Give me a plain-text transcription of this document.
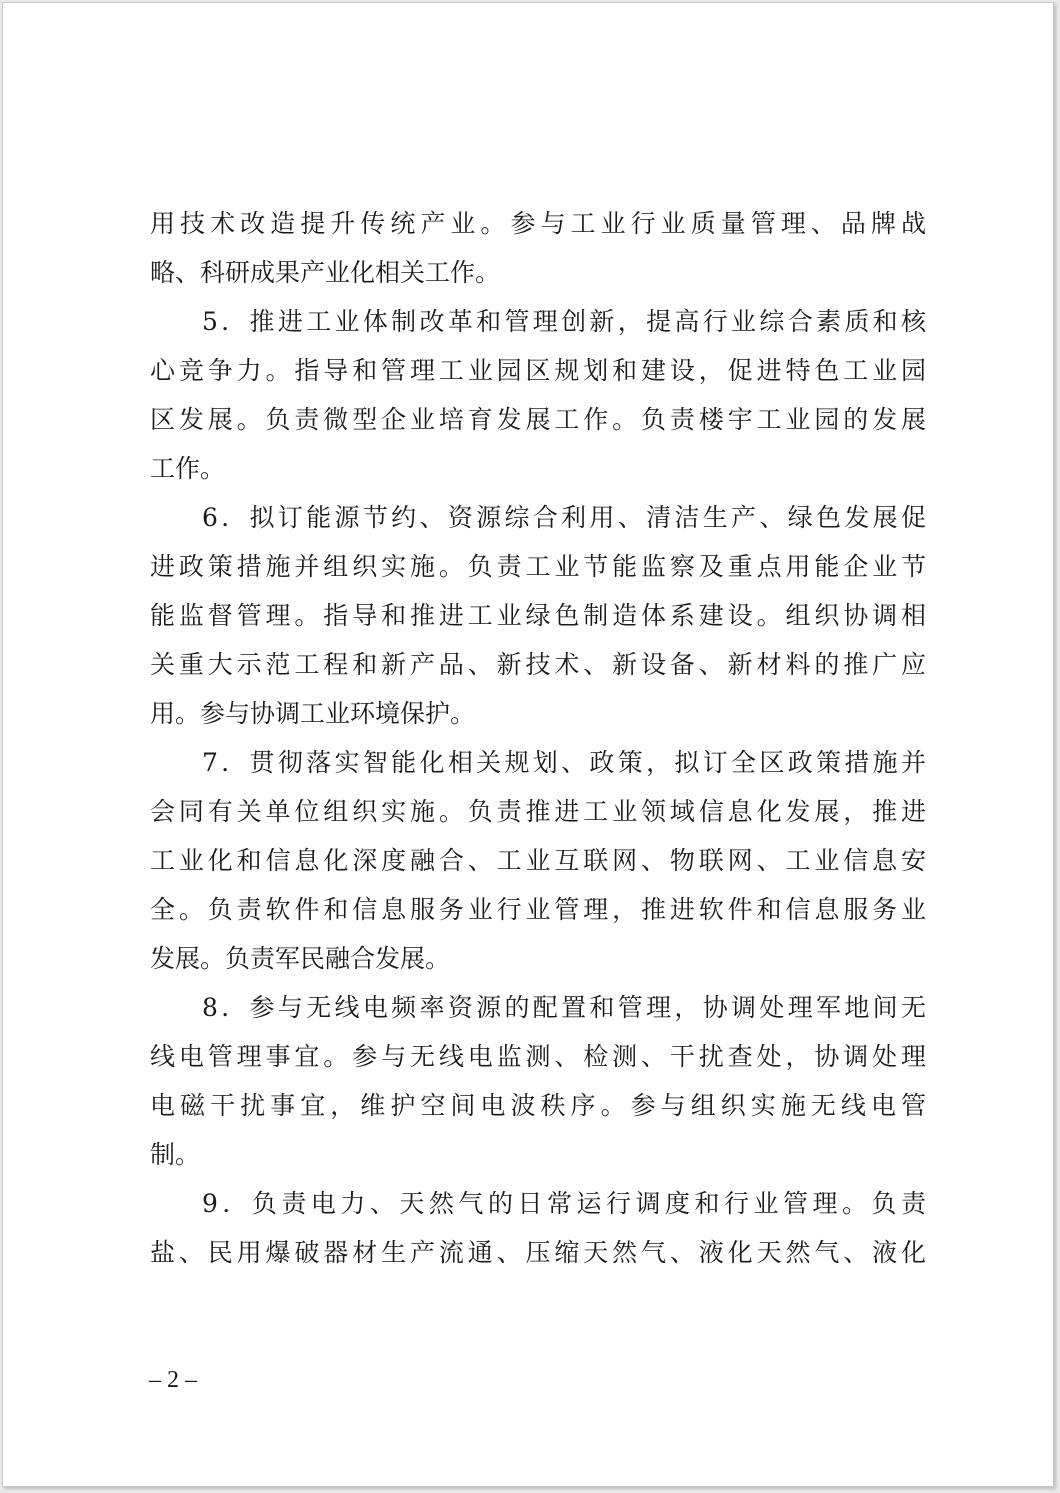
用技术改造提升传统产业。参与工业行业质量管理、品牌战
略、科研成果产业化相关工作。
5．推进工业体制改革和管理创新，提高行业综合素质和核
心竞争力。指导和管理工业园区规划和建设，促进特色工业园
区发展。负责微型企业培育发展工作。负责楼宇工业园的发展
工作。
6．拟订能源节约、资源综合利用、清洁生产、绿色发展促
进政策措施并组织实施。负责工业节能监察及重点用能企业节
能监督管理。指导和推进工业绿色制造体系建设。组织协调相
关重大示范工程和新产品、新技术、新设备、新材料的推广应
用。参与协调工业环境保护。
7．贯彻落实智能化相关规划、政策，拟订全区政策措施并
会同有关单位组织实施。负责推进工业领域信息化发展，推进
工业化和信息化深度融合、工业互联网、物联网、工业信息安
全。负责软件和信息服务业行业管理，推进软件和信息服务业
发展。负责军民融合发展。
8．参与无线电频率资源的配置和管理，协调处理军地间无
线电管理事宜。参与无线电监测、检测、干扰查处，协调处理
电磁干扰事宜，维护空间电波秩序。参与组织实施无线电管
制。
9．负责电力、天然气的日常运行调度和行业管理。负责
盐、民用爆破器材生产流通、压缩天然气、液化天然气、液化
– 2 –
